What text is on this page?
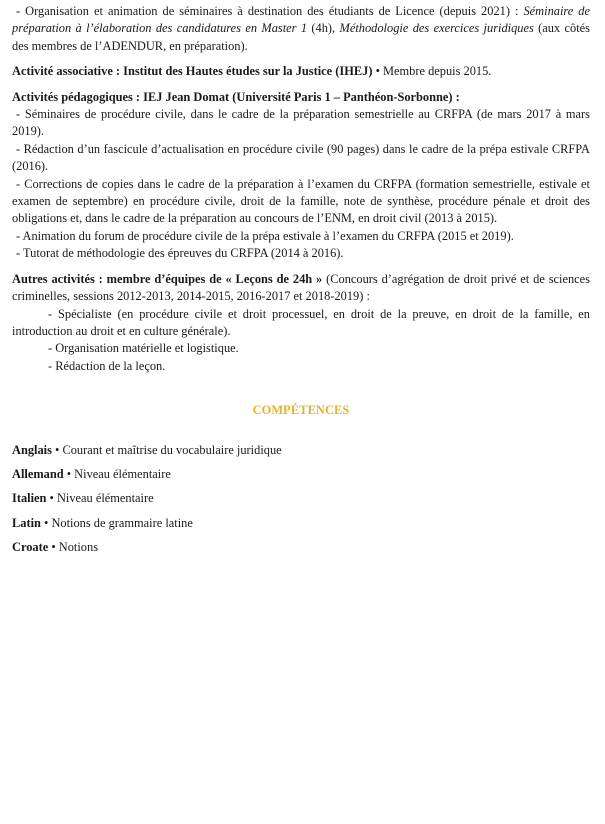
- Organisation et animation de séminaires à destination des étudiants de Licence (depuis 2021) : Séminaire de préparation à l’élaboration des candidatures en Master 1 (4h), Méthodologie des exercices juridiques (aux côtés des membres de l’ADENDUR, en préparation).

Activité associative : Institut des Hautes études sur la Justice (IHEJ) • Membre depuis 2015.

Activités pédagogiques : IEJ Jean Domat (Université Paris 1 – Panthéon-Sorbonne) :

- Séminaires de procédure civile, dans le cadre de la préparation semestrielle au CRFPA (de mars 2017 à mars 2019).

- Rédaction d’un fascicule d’actualisation en procédure civile (90 pages) dans le cadre de la prépa estivale CRFPA (2016).

- Corrections de copies dans le cadre de la préparation à l’examen du CRFPA (formation semestrielle, estivale et examen de septembre) en procédure civile, droit de la famille, note de synthèse, procédure pénale et droit des obligations et, dans le cadre de la préparation au concours de l’ENM, en droit civil (2013 à 2015).

- Animation du forum de procédure civile de la prépa estivale à l’examen du CRFPA (2015 et 2019).

- Tutorat de méthodologie des épreuves du CRFPA (2014 à 2016).

Autres activités : membre d’équipes de « Leçons de 24h » (Concours d’agrégation de droit privé et de sciences criminelles, sessions 2012-2013, 2014-2015, 2016-2017 et 2018-2019) :

- Spécialiste (en procédure civile et droit processuel, en droit de la preuve, en droit de la famille, en introduction au droit et en culture générale).

- Organisation matérielle et logistique.

- Rédaction de la leçon.

COMPÉTENCES

Anglais • Courant et maîtrise du vocabulaire juridique

Allemand • Niveau élémentaire

Italien • Niveau élémentaire

Latin • Notions de grammaire latine

Croate • Notions
